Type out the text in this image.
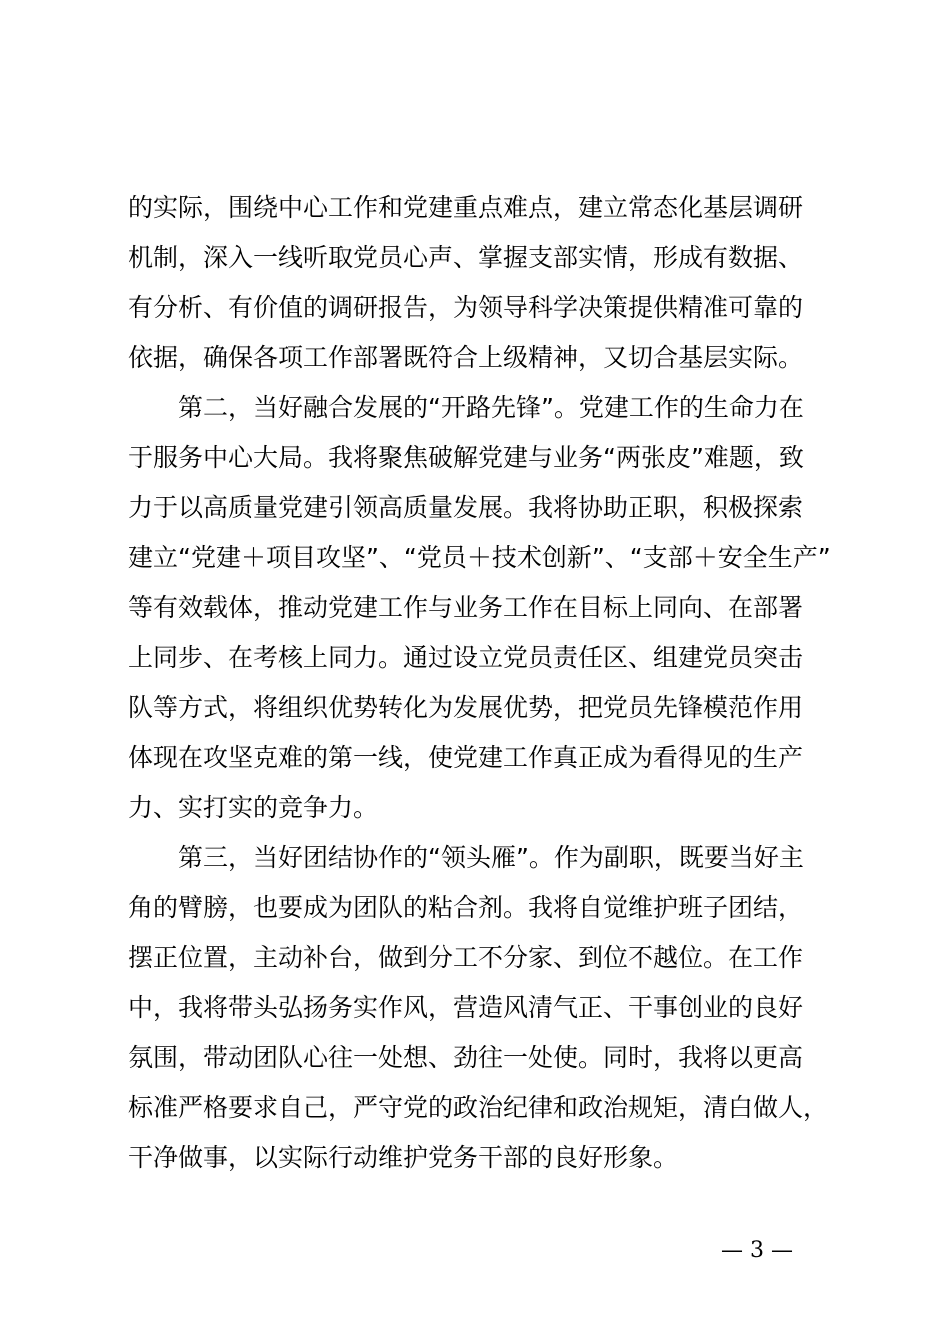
的实际，围绕中心工作和党建重点难点，建立常态化基层调研
机制，深入一线听取党员心声、掌握支部实情，形成有数据、
有分析、有价值的调研报告，为领导科学决策提供精准可靠的
依据，确保各项工作部署既符合上级精神，又切合基层实际。
第二，当好融合发展的“开路先锋”。党建工作的生命力在
于服务中心大局。我将聚焦破解党建与业务“两张皮”难题，致
力于以高质量党建引领高质量发展。我将协助正职，积极探索
建立“党建＋项目攻坚”、“党员＋技术创新”、“支部＋安全生产”
等有效载体，推动党建工作与业务工作在目标上同向、在部署
上同步、在考核上同力。通过设立党员责任区、组建党员突击
队等方式，将组织优势转化为发展优势，把党员先锋模范作用
体现在攻坚克难的第一线，使党建工作真正成为看得见的生产
力、实打实的竞争力。
第三，当好团结协作的“领头雁”。作为副职，既要当好主
角的臂膀，也要成为团队的粘合剂。我将自觉维护班子团结，
摆正位置，主动补台，做到分工不分家、到位不越位。在工作
中，我将带头弘扬务实作风，营造风清气正、干事创业的良好
氛围，带动团队心往一处想、劲往一处使。同时，我将以更高
标准严格要求自己，严守党的政治纪律和政治规矩，清白做人，
干净做事，以实际行动维护党务干部的良好形象。
— 3 —
